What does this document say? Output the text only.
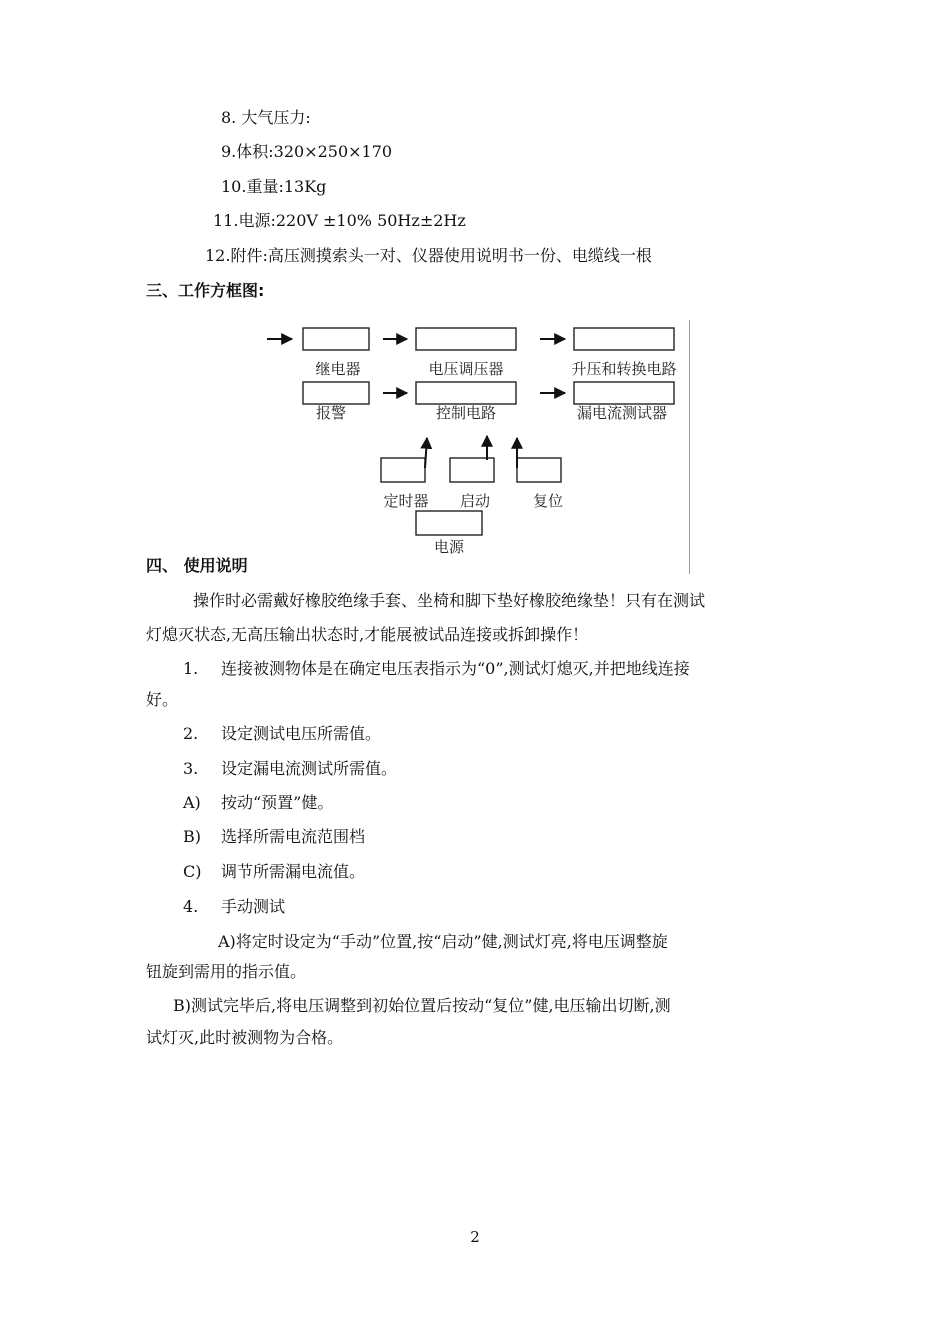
8. 大气压力:
9.体积:320×250×170
10.重量:13Kg
11.电源:220V ±10% 50Hz±2Hz
12.附件:高压测摸索头一对、仪器使用说明书一份、电缆线一根
三、工作方框图:
四、 使用说明
继电器	电压调压器	升压和转换电路
报警	控制电路	漏电流测试器
定时器 启动	复位
电源
操作时必需戴好橡胶绝缘手套、坐椅和脚下垫好橡胶绝缘垫！只有在测试
灯熄灭状态,无高压输出状态时,才能展被试品连接或拆卸操作！
1. 连接被测物体是在确定电压表指示为“0”,测试灯熄灭,并把地线连接
好。
2. 设定测试电压所需值。
3. 设定漏电流测试所需值。
A) 按动“预置”健。
B) 选择所需电流范围档
C) 调节所需漏电流值。
4. 手动测试
A)将定时设定为“手动”位置,按“启动”健,测试灯亮,将电压调整旋
钮旋到需用的指示值。
B)测试完毕后,将电压调整到初始位置后按动“复位”健,电压输出切断,测
试灯灭,此时被测物为合格。
2
